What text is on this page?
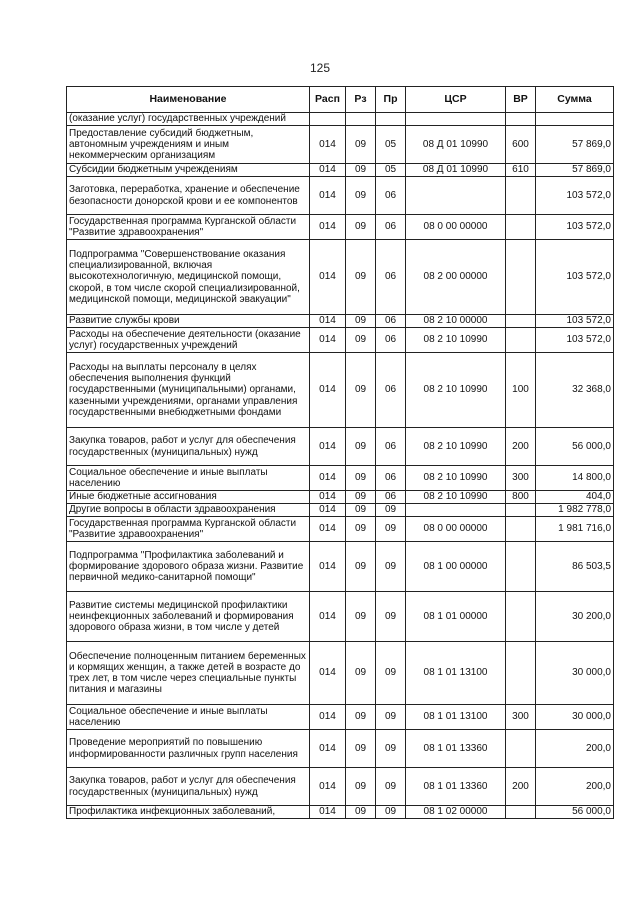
125
Наименование	Расп	Рз	Пр	ЦСР	ВР	Сумма
(оказание услуг) государственных учреждений						
Предоставление субсидий бюджетным, автономным учреждениям и иным некоммерческим организациям	014	09	05	08 Д 01 10990	600	57 869,0
Субсидии бюджетным учреждениям	014	09	05	08 Д 01 10990	610	57 869,0
Заготовка, переработка, хранение и обеспечение безопасности донорской крови и ее компонентов	014	09	06			103 572,0
Государственная программа Курганской области "Развитие здравоохранения"	014	09	06	08 0 00 00000		103 572,0
Подпрограмма "Совершенствование оказания специализированной, включая высокотехнологичную, медицинской помощи, скорой, в том числе скорой специализированной, медицинской помощи, медицинской эвакуации"	014	09	06	08 2 00 00000		103 572,0
Развитие службы крови	014	09	06	08 2 10 00000		103 572,0
Расходы на обеспечение деятельности (оказание услуг) государственных учреждений	014	09	06	08 2 10 10990		103 572,0
Расходы на выплаты персоналу в целях обеспечения выполнения функций государственными (муниципальными) органами, казенными учреждениями, органами управления государственными внебюджетными фондами	014	09	06	08 2 10 10990	100	32 368,0
Закупка товаров, работ и услуг для обеспечения государственных (муниципальных) нужд	014	09	06	08 2 10 10990	200	56 000,0
Социальное обеспечение и иные выплаты населению	014	09	06	08 2 10 10990	300	14 800,0
Иные бюджетные ассигнования	014	09	06	08 2 10 10990	800	404,0
Другие вопросы в области здравоохранения	014	09	09			1 982 778,0
Государственная программа Курганской области "Развитие здравоохранения"	014	09	09	08 0 00 00000		1 981 716,0
Подпрограмма "Профилактика заболеваний и формирование здорового образа жизни. Развитие первичной медико-санитарной помощи"	014	09	09	08 1 00 00000		86 503,5
Развитие системы медицинской профилактики неинфекционных заболеваний и формирования здорового образа жизни, в том числе у детей	014	09	09	08 1 01 00000		30 200,0
Обеспечение полноценным питанием беременных и кормящих женщин, а также детей в возрасте до трех лет, в том числе через специальные пункты питания и магазины	014	09	09	08 1 01 13100		30 000,0
Социальное обеспечение и иные выплаты населению	014	09	09	08 1 01 13100	300	30 000,0
Проведение мероприятий по повышению информированности различных групп населения	014	09	09	08 1 01 13360		200,0
Закупка товаров, работ и услуг для обеспечения государственных (муниципальных) нужд	014	09	09	08 1 01 13360	200	200,0
Профилактика инфекционных заболеваний,	014	09	09	08 1 02 00000		56 000,0
